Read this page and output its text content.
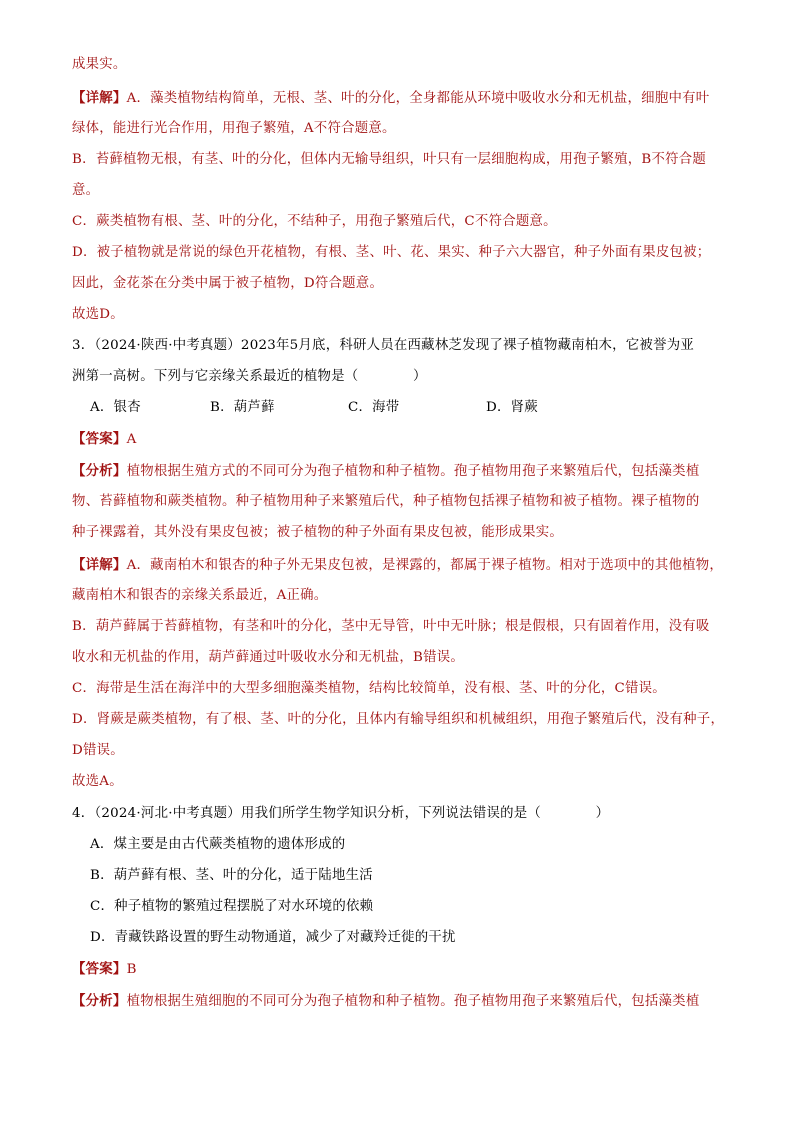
成果实。
【详解】A．藻类植物结构简单，无根、茎、叶的分化，全身都能从环境中吸收水分和无机盐，细胞中有叶
绿体，能进行光合作用，用孢子繁殖，A不符合题意。
B．苔藓植物无根，有茎、叶的分化，但体内无输导组织，叶只有一层细胞构成，用孢子繁殖，B不符合题
意。
C．蕨类植物有根、茎、叶的分化，不结种子，用孢子繁殖后代，C不符合题意。
D．被子植物就是常说的绿色开花植物，有根、茎、叶、花、果实、种子六大器官，种子外面有果皮包被；
因此，金花茶在分类中属于被子植物，D符合题意。
故选D。
3．（2024·陕西·中考真题）2023年5月底，科研人员在西藏林芝发现了裸子植物藏南柏木，它被誉为亚
洲第一高树。下列与它亲缘关系最近的植物是（　　　　）
A．银杏	B．葫芦藓	C．海带	D．肾蕨
【答案】A
【分析】植物根据生殖方式的不同可分为孢子植物和种子植物。孢子植物用孢子来繁殖后代，包括藻类植
物、苔藓植物和蕨类植物。种子植物用种子来繁殖后代，种子植物包括裸子植物和被子植物。裸子植物的
种子裸露着，其外没有果皮包被；被子植物的种子外面有果皮包被，能形成果实。
【详解】A．藏南柏木和银杏的种子外无果皮包被，是裸露的，都属于裸子植物。相对于选项中的其他植物，
藏南柏木和银杏的亲缘关系最近，A正确。
B．葫芦藓属于苔藓植物，有茎和叶的分化，茎中无导管，叶中无叶脉；根是假根，只有固着作用，没有吸
收水和无机盐的作用，葫芦藓通过叶吸收水分和无机盐，B错误。
C．海带是生活在海洋中的大型多细胞藻类植物，结构比较简单，没有根、茎、叶的分化，C错误。
D．肾蕨是蕨类植物，有了根、茎、叶的分化，且体内有输导组织和机械组织，用孢子繁殖后代，没有种子，
D错误。
故选A。
4．（2024·河北·中考真题）用我们所学生物学知识分析，下列说法错误的是（　　　　）
A．煤主要是由古代蕨类植物的遗体形成的
B．葫芦藓有根、茎、叶的分化，适于陆地生活
C．种子植物的繁殖过程摆脱了对水环境的依赖
D．青藏铁路设置的野生动物通道，减少了对藏羚迁徙的干扰
【答案】B
【分析】植物根据生殖细胞的不同可分为孢子植物和种子植物。孢子植物用孢子来繁殖后代，包括藻类植
